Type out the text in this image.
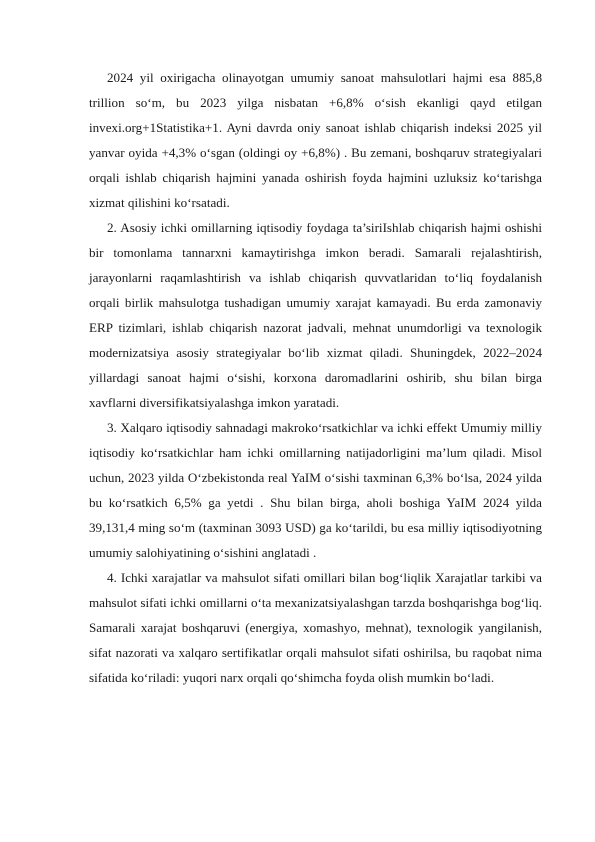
2024 yil oxirigacha olinayotgan umumiy sanoat mahsulotlari hajmi esa 885,8 trillion so‘m, bu 2023 yilga nisbatan +6,8% o‘sish ekanligi qayd etilgan invexi.org+1Statistika+1. Ayni davrda oniy sanoat ishlab chiqarish indeksi 2025 yil yanvar oyida +4,3% o‘sgan (oldingi oy +6,8%) . Bu zemani, boshqaruv strategiyalari orqali ishlab chiqarish hajmini yanada oshirish foyda hajmini uzluksiz ko‘tarishga xizmat qilishini ko‘rsatadi.

2. Asosiy ichki omillarning iqtisodiy foydaga ta’siriIshlab chiqarish hajmi oshishi bir tomonlama tannarxni kamaytirishga imkon beradi. Samarali rejalashtirish, jarayonlarni raqamlashtirish va ishlab chiqarish quvvatlaridan to‘liq foydalanish orqali birlik mahsulotga tushadigan umumiy xarajat kamayadi. Bu erda zamonaviy ERP tizimlari, ishlab chiqarish nazorat jadvali, mehnat unumdorligi va texnologik modernizatsiya asosiy strategiyalar bo‘lib xizmat qiladi. Shuningdek, 2022–2024 yillardagi sanoat hajmi o‘sishi, korxona daromadlarini oshirib, shu bilan birga xavflarni diversifikatsiyalashga imkon yaratadi.

3. Xalqaro iqtisodiy sahnadagi makroko‘rsatkichlar va ichki effekt Umumiy milliy iqtisodiy ko‘rsatkichlar ham ichki omillarning natijadorligini ma’lum qiladi. Misol uchun, 2023 yilda O‘zbekistonda real YaIM o‘sishi taxminan 6,3% bo‘lsa, 2024 yilda bu ko‘rsatkich 6,5% ga yetdi . Shu bilan birga, aholi boshiga YaIM 2024 yilda 39,131,4 ming so‘m (taxminan 3093 USD) ga ko‘tarildi, bu esa milliy iqtisodiyotning umumiy salohiyatining o‘sishini anglatadi .

4. Ichki xarajatlar va mahsulot sifati omillari bilan bog‘liqlik Xarajatlar tarkibi va mahsulot sifati ichki omillarni o‘ta mexanizatsiyalashgan tarzda boshqarishga bog‘liq. Samarali xarajat boshqaruvi (energiya, xomashyo, mehnat), texnologik yangilanish, sifat nazorati va xalqaro sertifikatlar orqali mahsulot sifati oshirilsa, bu raqobat nima sifatida ko‘riladi: yuqori narx orqali qo‘shimcha foyda olish mumkin bo‘ladi.
